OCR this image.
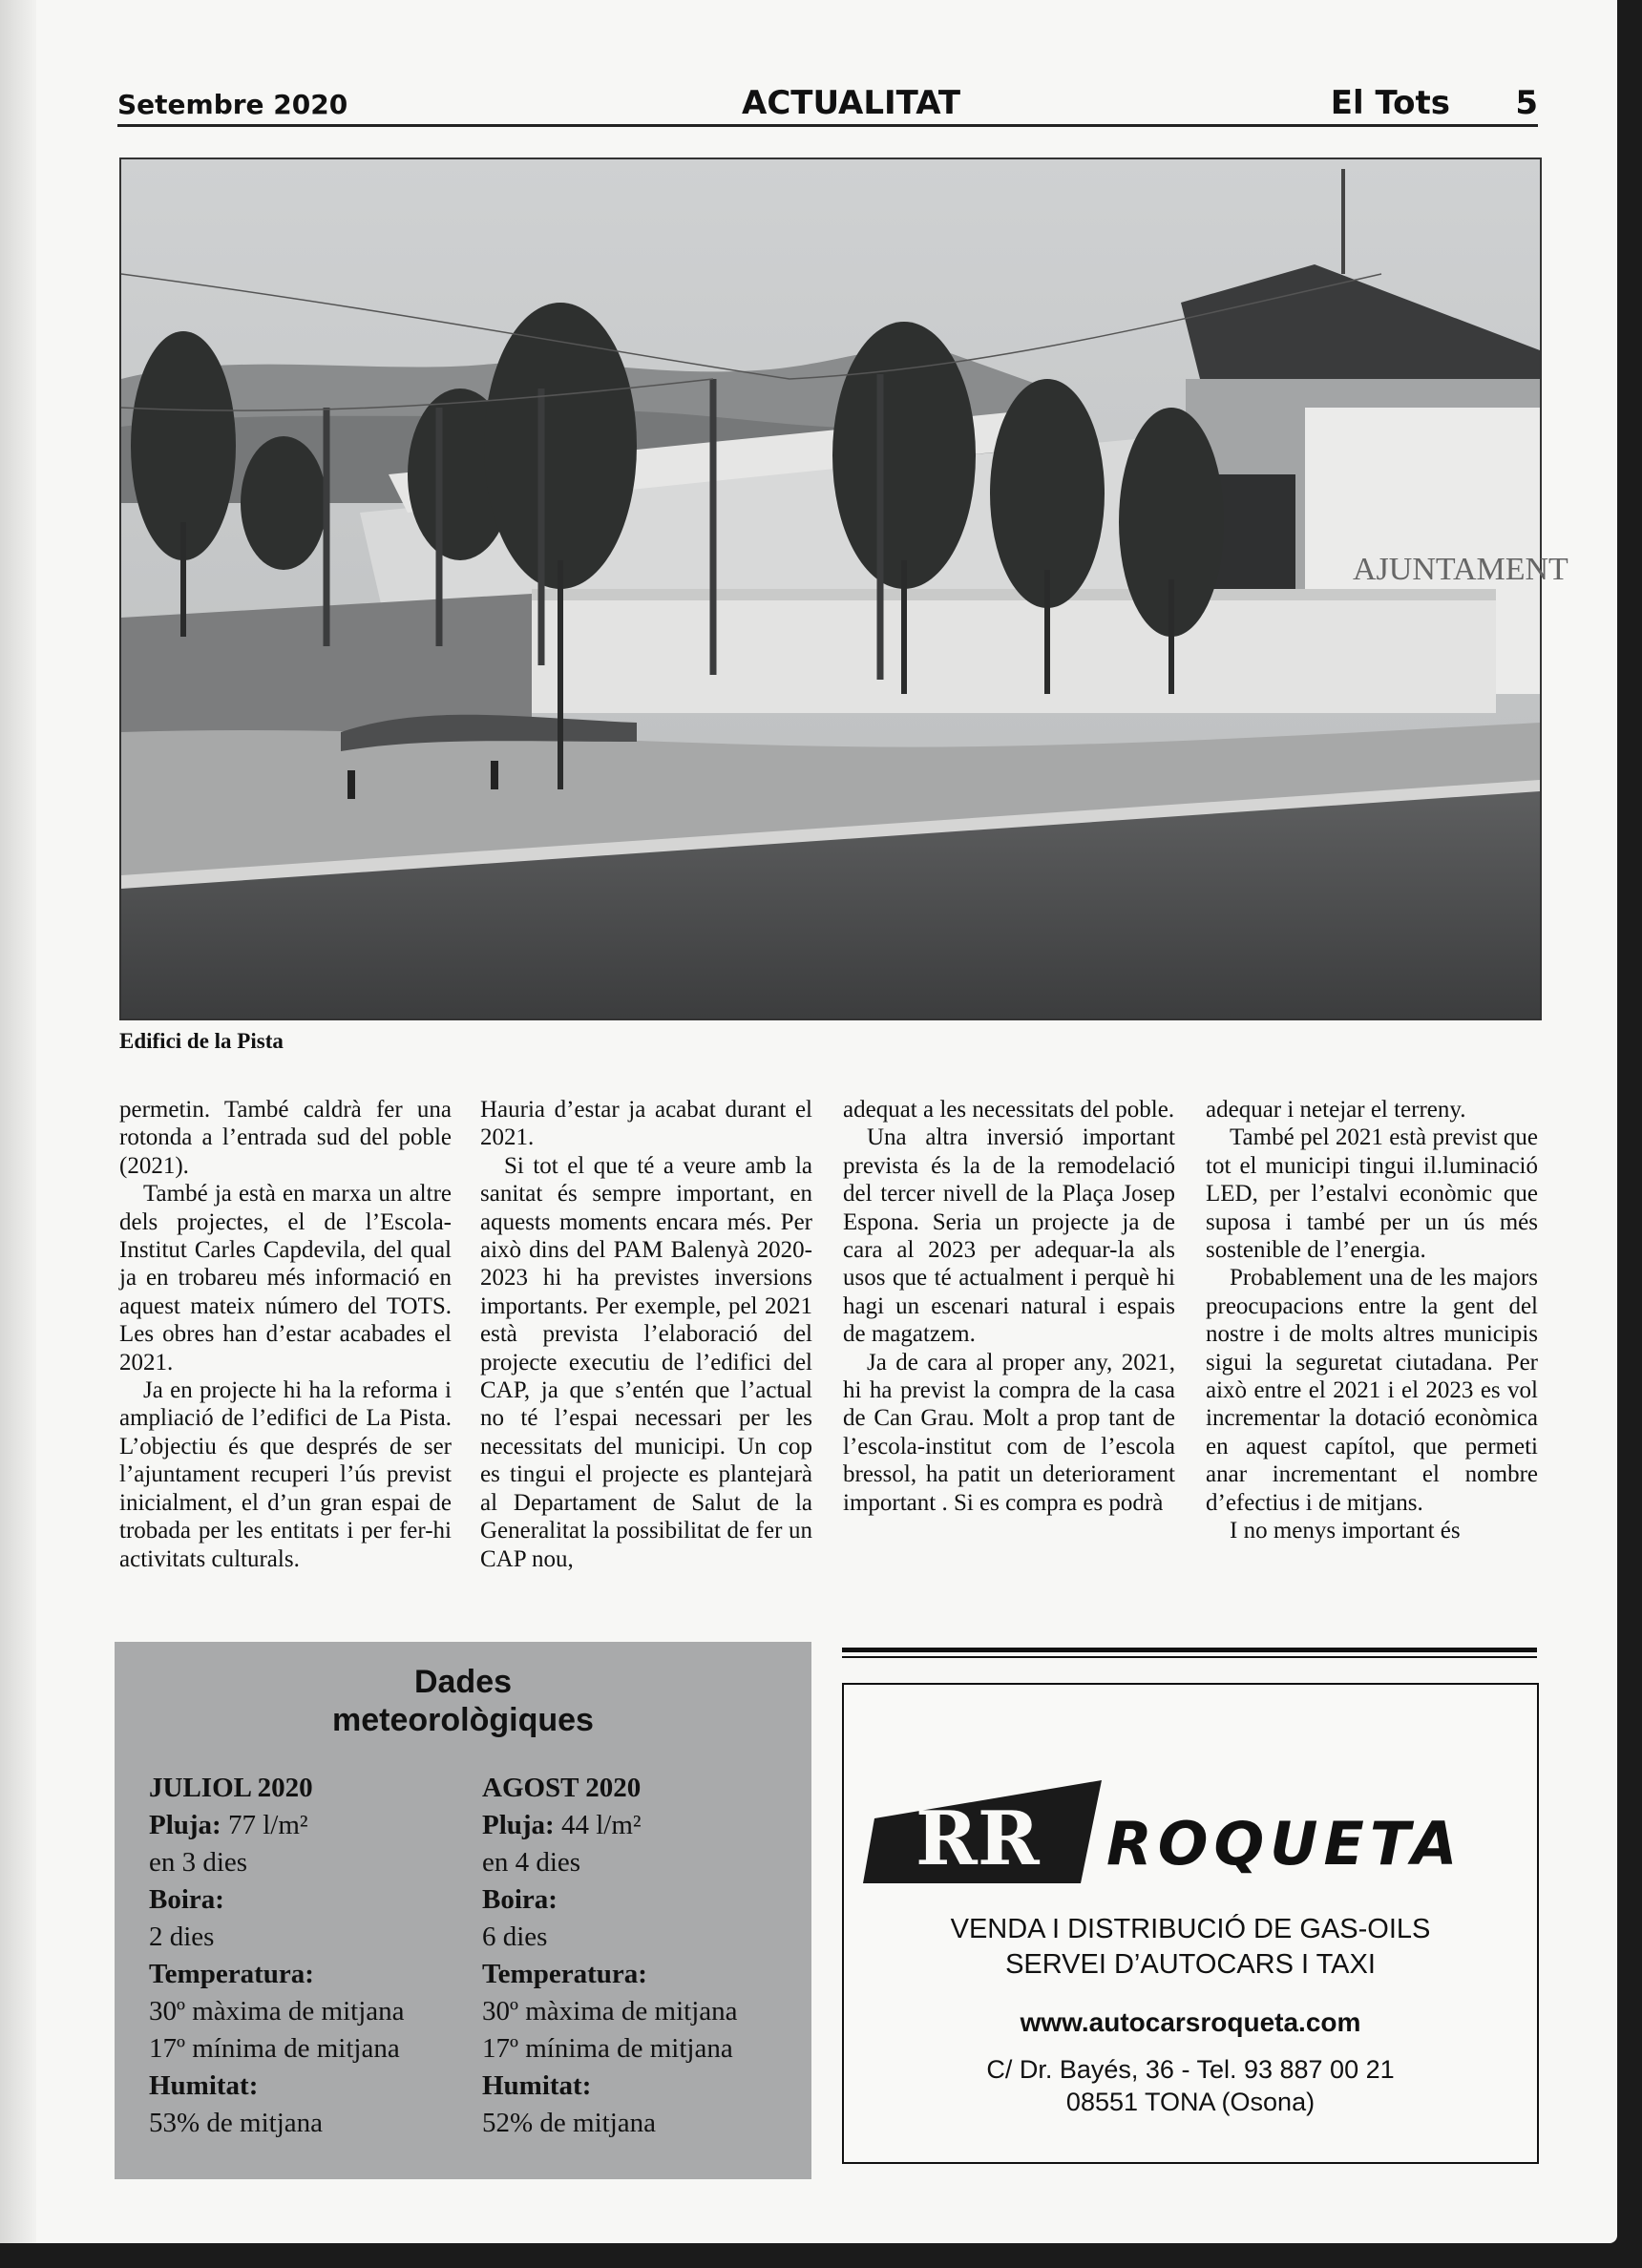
Setembre 2020	ACTUALITAT	El Tots 5
AJUNTAMENT
Edifici de la Pista

permetin. També caldrà fer una rotonda a l’entrada sud del poble (2021).

També ja està en marxa un altre dels projectes, el de l’Escola-Institut Carles Capdevila, del qual ja en trobareu més informació en aquest mateix número del TOTS. Les obres han d’estar acabades el 2021.

Ja en projecte hi ha la reforma i ampliació de l’edifici de La Pista. L’objectiu és que després de ser l’ajuntament recuperi l’ús previst inicialment, el d’un gran espai de trobada per les entitats i per fer-hi activitats culturals.

Hauria d’estar ja acabat durant el 2021.

Si tot el que té a veure amb la sanitat és sempre important, en aquests moments encara més. Per això dins del PAM Balenyà 2020-2023 hi ha previstes inversions importants. Per exemple, pel 2021 està prevista l’elaboració del projecte executiu de l’edifici del CAP, ja que s’entén que l’actual no té l’espai necessari per les necessitats del municipi. Un cop es tingui el projecte es plantejarà al Departament de Salut de la Generalitat la possibilitat de fer un CAP nou,

adequat a les necessitats del poble.

Una altra inversió important prevista és la de la remodelació del tercer nivell de la Plaça Josep Espona. Seria un projecte ja de cara al 2023 per adequar-la als usos que té actualment i perquè hi hagi un escenari natural i espais de magatzem.

Ja de cara al proper any, 2021, hi ha previst la compra de la casa de Can Grau. Molt a prop tant de l’escola-institut com de l’escola bressol, ha patit un deteriorament important . Si es compra es podrà

adequar i netejar el terreny.

També pel 2021 està previst que tot el municipi tingui il.luminació LED, per l’estalvi econòmic que suposa i també per un ús més sostenible de l’energia.

Probablement una de les majors preocupacions entre la gent del nostre i de molts altres municipis sigui la seguretat ciutadana. Per això entre el 2021 i el 2023 es vol incrementar la dotació econòmica en aquest capítol, que permeti anar incrementant el nombre d’efectius i de mitjans.

I no menys important és

Dades
meteorològiques
JULIOL 2020
Pluja: 77 l/m²
en 3 dies
Boira:
2 dies
Temperatura:
30º màxima de mitjana
17º mínima de mitjana
Humitat:
53% de mitjana
AGOST 2020
Pluja: 44 l/m²
en 4 dies
Boira:
6 dies
Temperatura:
30º màxima de mitjana
17º mínima de mitjana
Humitat:
52% de mitjana
RR ROQUETA
VENDA I DISTRIBUCIÓ DE GAS-OILS
SERVEI D’AUTOCARS I TAXI
www.autocarsroqueta.com
C/ Dr. Bayés, 36 - Tel. 93 887 00 21
08551 TONA (Osona)
